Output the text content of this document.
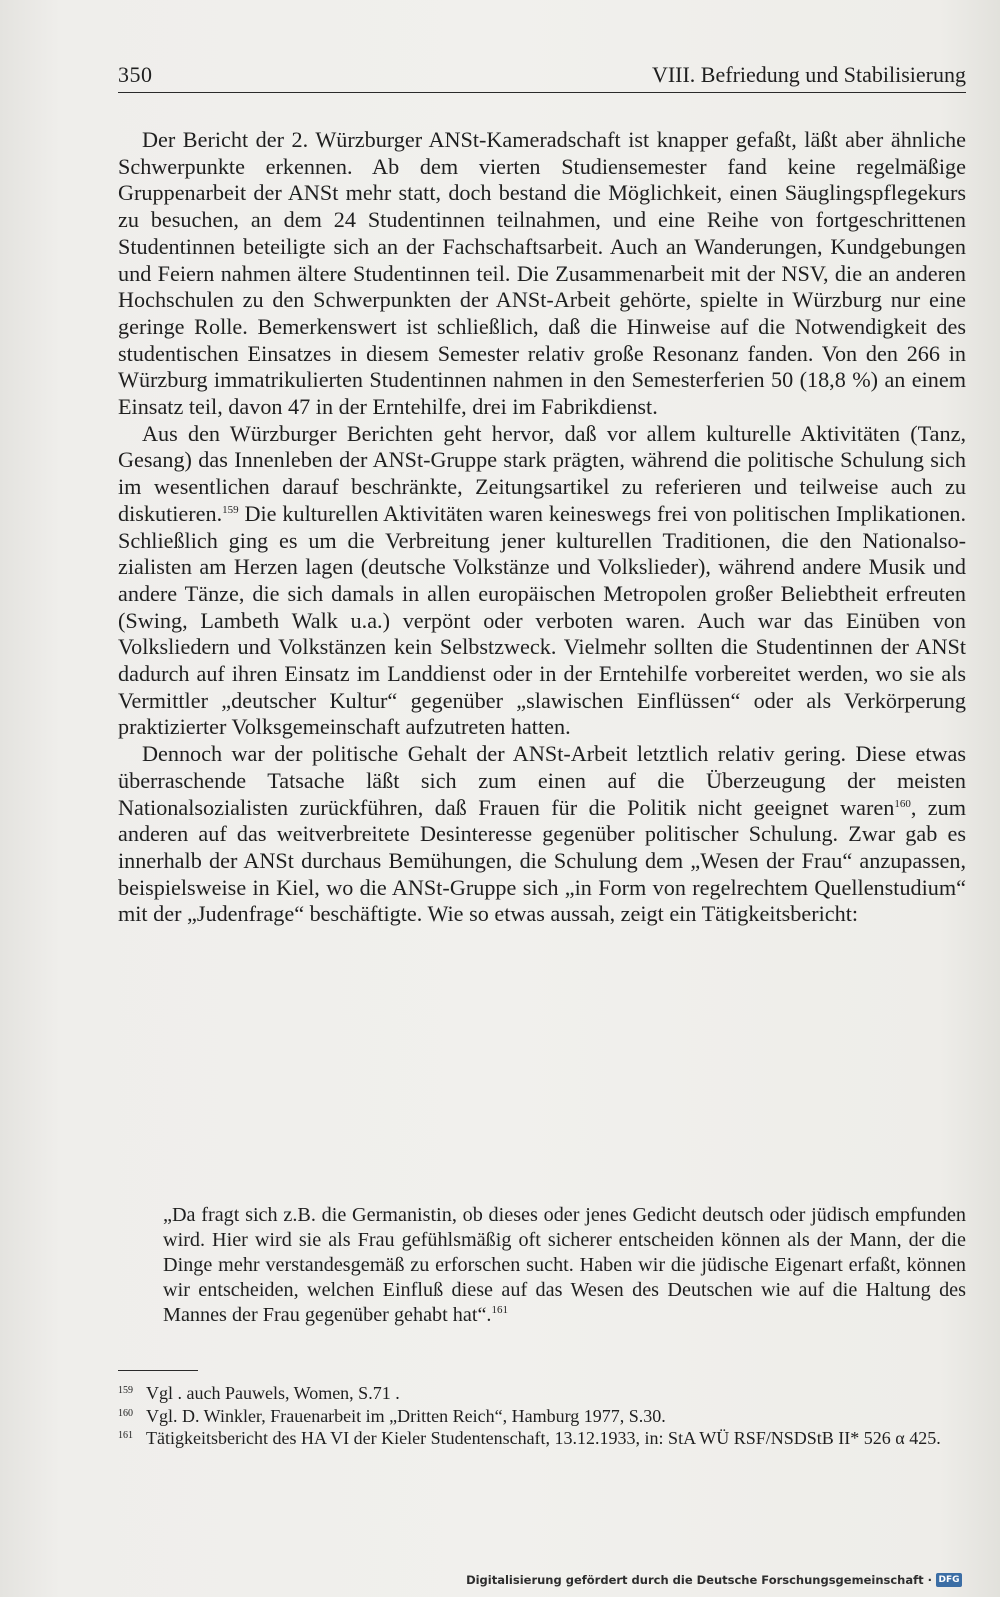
350	VIII. Befriedung und Stabilisierung

Der Bericht der 2. Würzburger ANSt-Kameradschaft ist knapper gefaßt, läßt aber ähnliche Schwerpunkte erkennen. Ab dem vierten Studiensemester fand keine regelmäßige Gruppenarbeit der ANSt mehr statt, doch bestand die Möglichkeit, einen Säuglingspflegekurs zu besuchen, an dem 24 Studentinnen teilnahmen, und eine Reihe von fortgeschrittenen Studentinnen beteiligte sich an der Fachschaftsarbeit. Auch an Wanderungen, Kundgebungen und Feiern nahmen ältere Studentinnen teil. Die Zusammenarbeit mit der NSV, die an anderen Hochschulen zu den Schwerpunkten der ANSt-Arbeit gehörte, spielte in Würzburg nur eine geringe Rolle. Bemerkenswert ist schließlich, daß die Hinweise auf die Notwendigkeit des studentischen Einsatzes in diesem Semester relativ große Resonanz fanden. Von den 266 in Würzburg immatrikulierten Studentinnen nahmen in den Semesterferien 50 (18,8 %) an einem Einsatz teil, davon 47 in der Erntehilfe, drei im Fabrikdienst.

Aus den Würzburger Berichten geht hervor, daß vor allem kulturelle Aktivitäten (Tanz, Gesang) das Innenleben der ANSt-Gruppe stark prägten, während die politische Schulung sich im wesentlichen darauf beschränkte, Zeitungsartikel zu referieren und teilweise auch zu diskutieren.$^{159}$ Die kulturellen Aktivitäten waren keineswegs frei von politischen Implikationen. Schließlich ging es um die Verbreitung jener kulturellen Traditionen, die den Nationalsozialisten am Herzen lagen (deutsche Volkstänze und Volkslieder), während andere Musik und andere Tänze, die sich damals in allen europäischen Metropolen großer Beliebtheit erfreuten (Swing, Lambeth Walk u.a.) verpönt oder verboten waren. Auch war das Einüben von Volksliedern und Volkstänzen kein Selbstzweck. Vielmehr sollten die Studentinnen der ANSt dadurch auf ihren Einsatz im Landdienst oder in der Erntehilfe vorbereitet werden, wo sie als Vermittler „deutscher Kultur“ gegenüber „slawischen Einflüssen“ oder als Verkörperung praktizierter Volksgemeinschaft aufzutreten hatten.

Dennoch war der politische Gehalt der ANSt-Arbeit letztlich relativ gering. Diese etwas überraschende Tatsache läßt sich zum einen auf die Überzeugung der meisten Nationalsozialisten zurückführen, daß Frauen für die Politik nicht geeignet waren$^{160}$, zum anderen auf das weitverbreitete Desinteresse gegenüber politischer Schulung. Zwar gab es innerhalb der ANSt durchaus Bemühungen, die Schulung dem „Wesen der Frau“ anzupassen, beispielsweise in Kiel, wo die ANSt-Gruppe sich „in Form von regelrechtem Quellenstudium“ mit der „Judenfrage“ beschäftigte. Wie so etwas aussah, zeigt ein Tätigkeitsbericht:

„Da fragt sich z.B. die Germanistin, ob dieses oder jenes Gedicht deutsch oder jüdisch empfunden wird. Hier wird sie als Frau gefühlsmäßig oft sicherer entscheiden können als der Mann, der die Dinge mehr verstandesgemäß zu erforschen sucht. Haben wir die jüdische Eigenart erfaßt, können wir entscheiden, welchen Einfluß diese auf das Wesen des Deutschen wie auf die Haltung des Mannes der Frau gegenüber gehabt hat“.$^{161}$
159 Vgl . auch Pauwels, Women, S.71 .
160 Vgl. D. Winkler, Frauenarbeit im „Dritten Reich“, Hamburg 1977, S.30.
161 Tätigkeitsbericht des HA VI der Kieler Studentenschaft, 13.12.1933, in: StA WÜ RSF/NSDStB II* 526 α 425.
Digitalisierung gefördert durch die Deutsche Forschungsgemeinschaft · DFG
